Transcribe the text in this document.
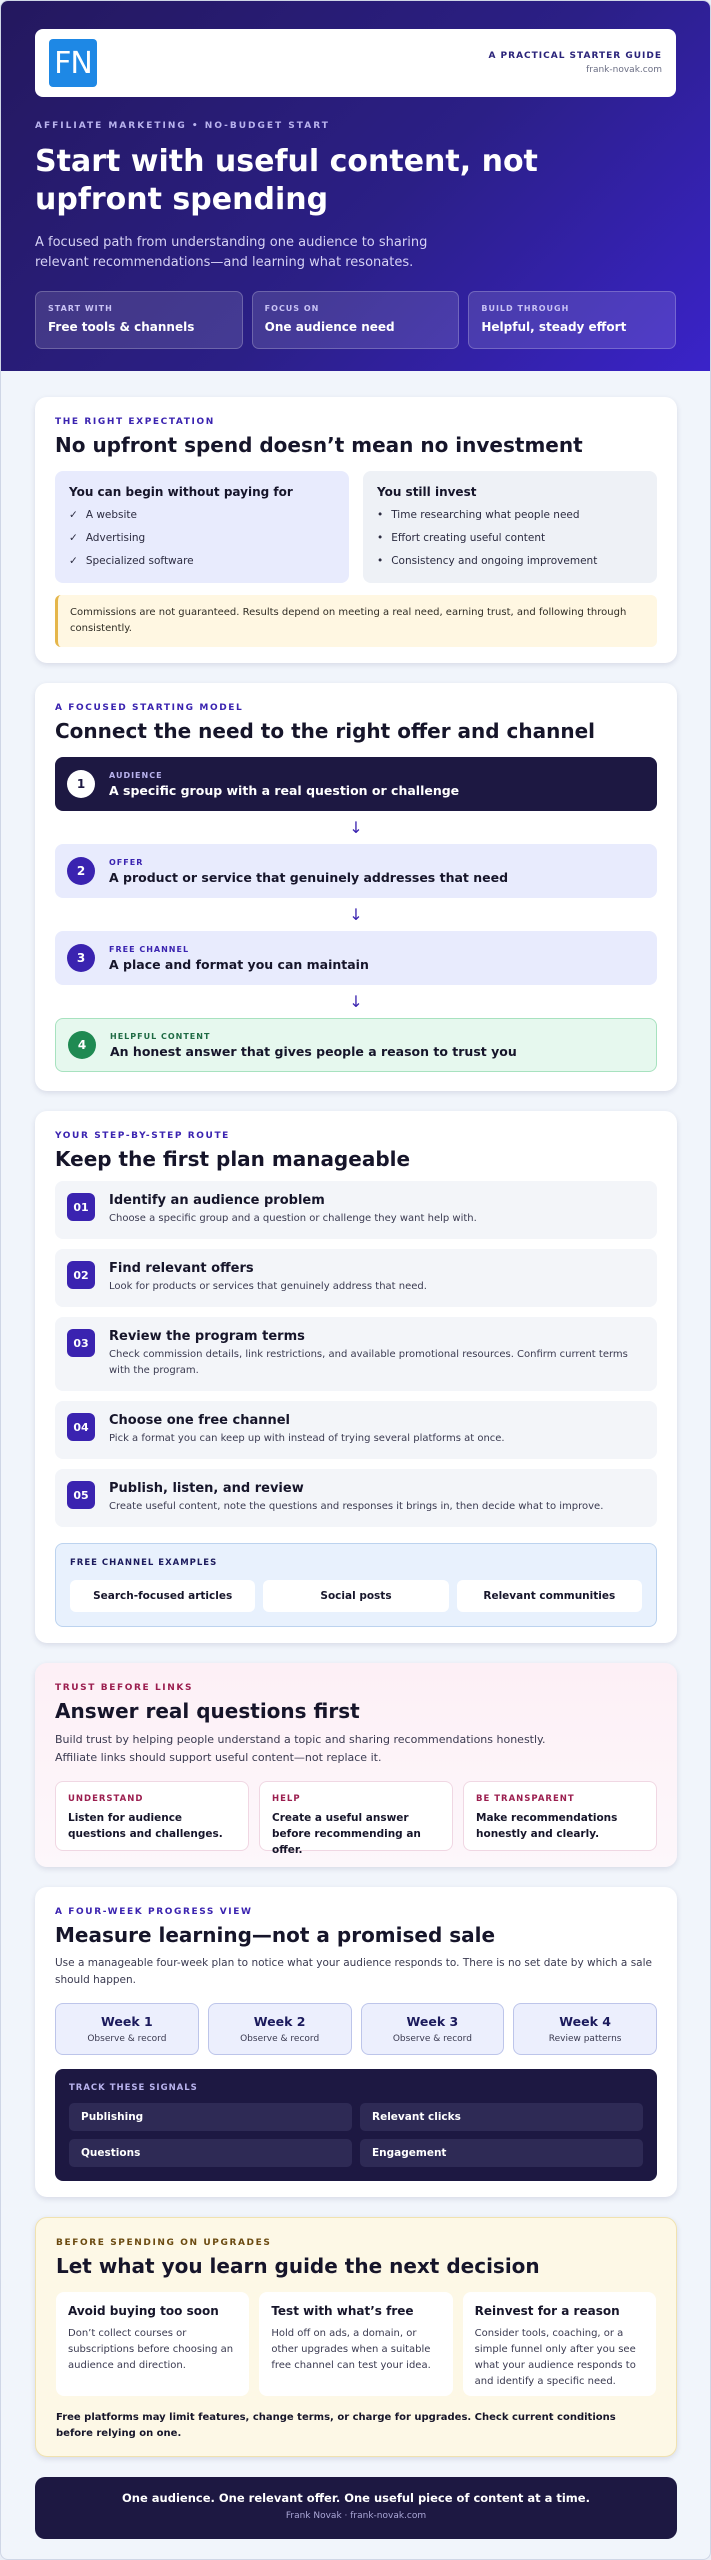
FN	A PRACTICAL STARTER GUIDE
frank-novak.com
AFFILIATE MARKETING • NO-BUDGET START
Start with useful content, not upfront spending

A focused path from understanding one audience to sharing relevant recommendations—and learning what resonates.

START WITH
Free tools & channels
FOCUS ON
One audience need
BUILD THROUGH
Helpful, steady effort
THE RIGHT EXPECTATION
No upfront spend doesn’t mean no investment
You can begin without paying for
✓ A website
✓ Advertising
✓ Specialized software
You still invest
• Time researching what people need
• Effort creating useful content
• Consistency and ongoing improvement
Commissions are not guaranteed. Results depend on meeting a real need, earning trust, and following through consistently.
A FOCUSED STARTING MODEL
Connect the need to the right offer and channel
1
AUDIENCE
A specific group with a real question or challenge
↓
2
OFFER
A product or service that genuinely addresses that need
↓
3
FREE CHANNEL
A place and format you can maintain
↓
4
HELPFUL CONTENT
An honest answer that gives people a reason to trust you
YOUR STEP-BY-STEP ROUTE
Keep the first plan manageable
01	Identify an audience problem
Choose a specific group and a question or challenge they want help with.
02	Find relevant offers
Look for products or services that genuinely address that need.
03	Review the program terms
Check commission details, link restrictions, and available promotional resources. Confirm current terms with the program.
04	Choose one free channel
Pick a format you can keep up with instead of trying several platforms at once.
05	Publish, listen, and review
Create useful content, note the questions and responses it brings in, then decide what to improve.
FREE CHANNEL EXAMPLES
Search-focused articles	Social posts	Relevant communities
TRUST BEFORE LINKS
Answer real questions first

Build trust by helping people understand a topic and sharing recommendations honestly. Affiliate links should support useful content—not replace it.

UNDERSTAND
Listen for audience questions and challenges.
HELP
Create a useful answer before recommending an offer.
BE TRANSPARENT
Make recommendations honestly and clearly.
A FOUR-WEEK PROGRESS VIEW
Measure learning—not a promised sale

Use a manageable four-week plan to notice what your audience responds to. There is no set date by which a sale should happen.

Week 1
Observe & record
Week 2
Observe & record
Week 3
Observe & record
Week 4
Review patterns
TRACK THESE SIGNALS
Publishing	Relevant clicks
Questions	Engagement
BEFORE SPENDING ON UPGRADES
Let what you learn guide the next decision
Avoid buying too soon
Don’t collect courses or subscriptions before choosing an audience and direction.
Test with what’s free
Hold off on ads, a domain, or other upgrades when a suitable free channel can test your idea.
Reinvest for a reason
Consider tools, coaching, or a simple funnel only after you see what your audience responds to and identify a specific need.
Free platforms may limit features, change terms, or charge for upgrades. Check current conditions before relying on one.
One audience. One relevant offer. One useful piece of content at a time.
Frank Novak · frank-novak.com
